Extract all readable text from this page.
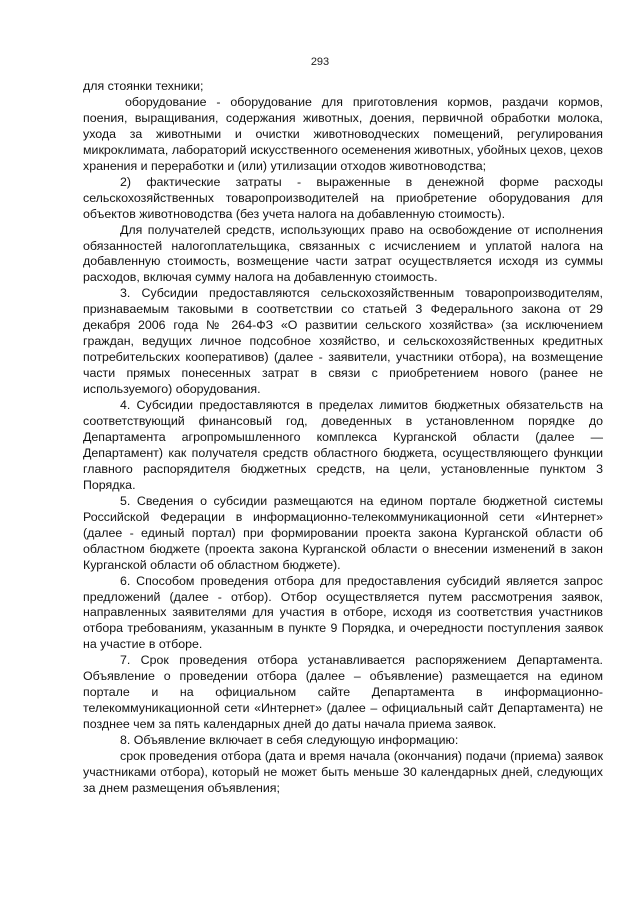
293

для стоянки техники;

оборудование - оборудование для приготовления кормов, раздачи кормов, поения, выращивания, содержания животных, доения, первичной обработки молока, ухода за животными и очистки животноводческих помещений, регулирования микроклимата, лабораторий искусственного осеменения животных, убойных цехов, цехов хранения и переработки и (или) утилизации отходов животноводства;

2) фактические затраты - выраженные в денежной форме расходы сельскохозяйственных товаропроизводителей на приобретение оборудования для объектов животноводства (без учета налога на добавленную стоимость).

Для получателей средств, использующих право на освобождение от исполнения обязанностей налогоплательщика, связанных с исчислением и уплатой налога на добавленную стоимость, возмещение части затрат осуществляется исходя из суммы расходов, включая сумму налога на добавленную стоимость.

3. Субсидии предоставляются сельскохозяйственным товаропроизводителям, признаваемым таковыми в соответствии со статьей 3 Федерального закона от 29 декабря 2006 года № 264-ФЗ «О развитии сельского хозяйства» (за исключением граждан, ведущих личное подсобное хозяйство, и сельскохозяйственных кредитных потребительских кооперативов) (далее - заявители, участники отбора), на возмещение части прямых понесенных затрат в связи с приобретением нового (ранее не используемого) оборудования.

4. Субсидии предоставляются в пределах лимитов бюджетных обязательств на соответствующий финансовый год, доведенных в установленном порядке до Департамента агропромышленного комплекса Курганской области (далее — Департамент) как получателя средств областного бюджета, осуществляющего функции главного распорядителя бюджетных средств, на цели, установленные пунктом 3 Порядка.

5. Сведения о субсидии размещаются на едином портале бюджетной системы Российской Федерации в информационно-телекоммуникационной сети «Интернет» (далее - единый портал) при формировании проекта закона Курганской области об областном бюджете (проекта закона Курганской области о внесении изменений в закон Курганской области об областном бюджете).

6. Способом проведения отбора для предоставления субсидий является запрос предложений (далее - отбор). Отбор осуществляется путем рассмотрения заявок, направленных заявителями для участия в отборе, исходя из соответствия участников отбора требованиям, указанным в пункте 9 Порядка, и очередности поступления заявок на участие в отборе.

7. Срок проведения отбора устанавливается распоряжением Департамента. Объявление о проведении отбора (далее – объявление) размещается на едином портале и на официальном сайте Департамента в информационно-телекоммуникационной сети «Интернет» (далее – официальный сайт Департамента) не позднее чем за пять календарных дней до даты начала приема заявок.

8. Объявление включает в себя следующую информацию:

срок проведения отбора (дата и время начала (окончания) подачи (приема) заявок участниками отбора), который не может быть меньше 30 календарных дней, следующих за днем размещения объявления;
